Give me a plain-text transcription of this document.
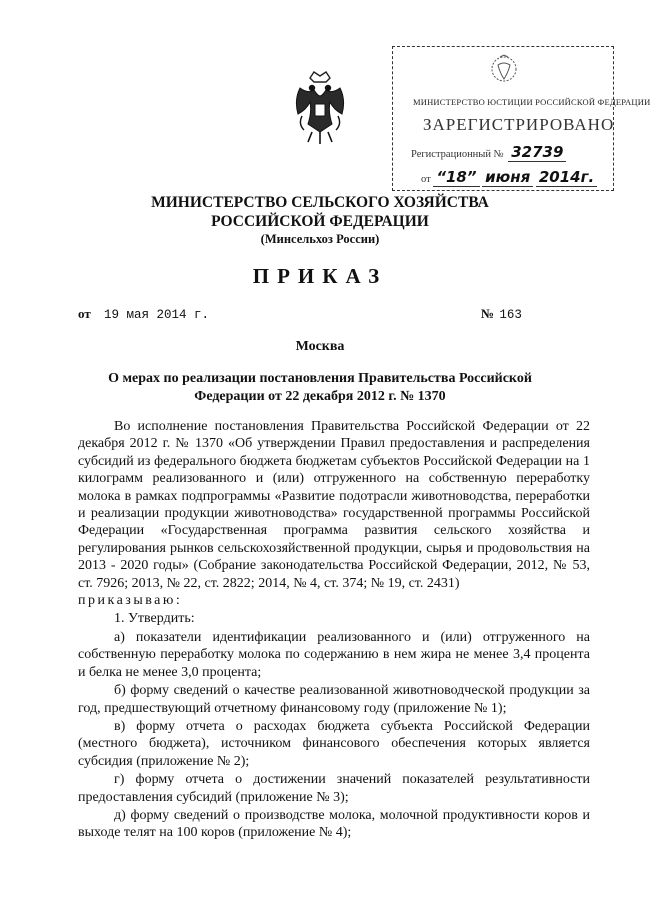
МИНИСТЕРСТВО ЮСТИЦИИ РОССИЙСКОЙ ФЕДЕРАЦИИ
ЗАРЕГИСТРИРОВАНО
Регистрационный № 32739
от “18” июня 2014г.
МИНИСТЕРСТВО СЕЛЬСКОГО ХОЗЯЙСТВА РОССИЙСКОЙ ФЕДЕРАЦИИ
(Минсельхоз России)
ПРИКАЗ
от 19 мая 2014 г.	№ 163
Москва
О мерах по реализации постановления Правительства Российской Федерации от 22 декабря 2012 г. № 1370

Во исполнение постановления Правительства Российской Федерации от 22 декабря 2012 г. № 1370 «Об утверждении Правил предоставления и распределения субсидий из федерального бюджета бюджетам субъектов Российской Федерации на 1 килограмм реализованного и (или) отгруженного на собственную переработку молока в рамках подпрограммы «Развитие подотрасли животноводства, переработки и реализации продукции животноводства» государственной программы Российской Федерации «Государственная программа развития сельского хозяйства и регулирования рынков сельскохозяйственной продукции, сырья и продовольствия на 2013 - 2020 годы» (Собрание законодательства Российской Федерации, 2012, № 53, ст. 7926; 2013, № 22, ст. 2822; 2014, № 4, ст. 374; № 19, ст. 2431)

приказываю:

1. Утвердить:

а) показатели идентификации реализованного и (или) отгруженного на собственную переработку молока по содержанию в нем жира не менее 3,4 процента и белка не менее 3,0 процента;

б) форму сведений о качестве реализованной животноводческой продукции за год, предшествующий отчетному финансовому году (приложение № 1);

в) форму отчета о расходах бюджета субъекта Российской Федерации (местного бюджета), источником финансового обеспечения которых является субсидия (приложение № 2);

г) форму отчета о достижении значений показателей результативности предоставления субсидий (приложение № 3);

д) форму сведений о производстве молока, молочной продуктивности коров и выходе телят на 100 коров (приложение № 4);
